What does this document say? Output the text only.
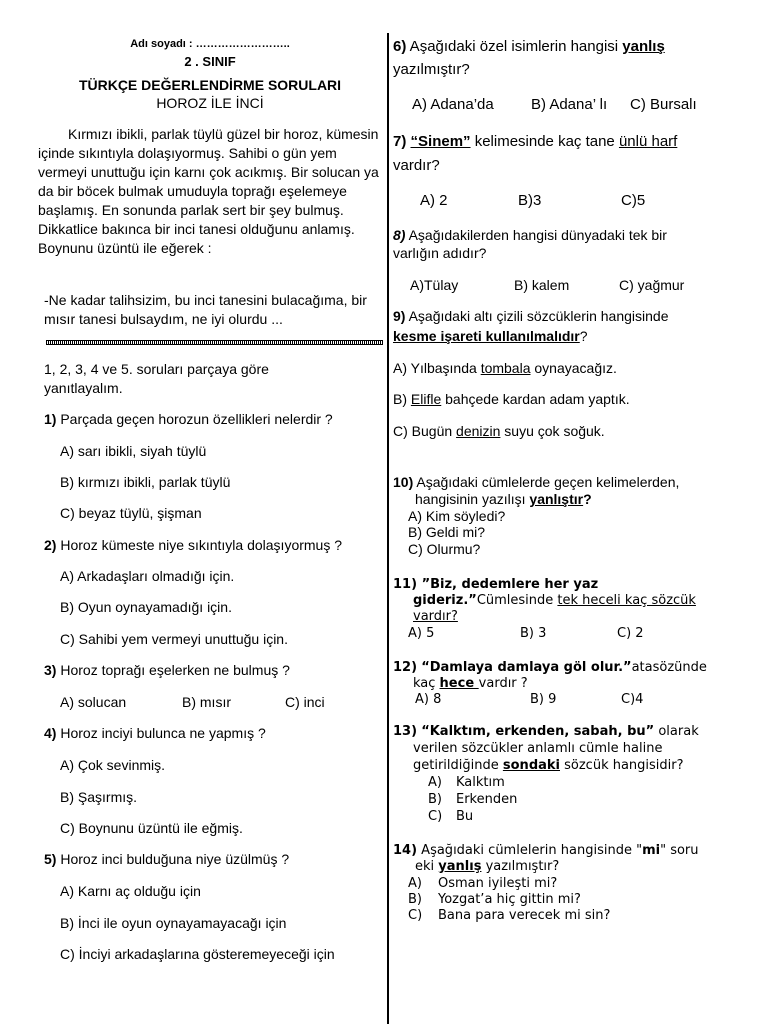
Adı soyadı : ……………………..
2 . SINIF
TÜRKÇE DEĞERLENDİRME SORULARI
HOROZ İLE İNCİ
Kırmızı ibikli, parlak tüylü güzel bir horoz, kümesin içinde sıkıntıyla dolaşıyormuş. Sahibi o gün yem vermeyi unuttuğu için karnı çok acıkmış. Bir solucan ya da bir böcek bulmak umuduyla toprağı eşelemeye başlamış. En sonunda parlak sert bir şey bulmuş. Dikkatlice bakınca bir inci tanesi olduğunu anlamış. Boynunu üzüntü ile eğerek :
-Ne kadar talihsizim, bu inci tanesini bulacağıma, bir mısır tanesi bulsaydım, ne iyi olurdu ...
1, 2, 3, 4 ve 5. soruları parçaya göre yanıtlayalım.
1) Parçada geçen horozun özellikleri nelerdir ?
A) sarı ibikli, siyah tüylü
B) kırmızı ibikli, parlak tüylü
C) beyaz tüylü, şişman
2) Horoz kümeste niye sıkıntıyla dolaşıyormuş ?
A) Arkadaşları olmadığı için.
B) Oyun oynayamadığı için.
C) Sahibi yem vermeyi unuttuğu için.
3) Horoz toprağı eşelerken ne bulmuş ?
A) solucan	B) mısır	C) inci
4) Horoz inciyi bulunca ne yapmış ?
A) Çok sevinmiş.
B) Şaşırmış.
C) Boynunu üzüntü ile eğmiş.
5) Horoz inci bulduğuna niye üzülmüş ?
A) Karnı aç olduğu için
B) İnci ile oyun oynayamayacağı için
C) İnciyi arkadaşlarına gösteremeyeceği için
6) Aşağıdaki özel isimlerin hangisi yanlış
yazılmıştır?
A) Adana’da B) Adana’ lı C) Bursalı
7) “Sinem” kelimesinde kaç tane ünlü harf
vardır?
A) 2	B)3	C)5
8) Aşağıdakilerden hangisi dünyadaki tek bir
varlığın adıdır?
A)Tülay	B) kalem	C) yağmur
9) Aşağıdaki altı çizili sözcüklerin hangisinde
kesme işareti kullanılmalıdır?
A) Yılbaşında tombala oynayacağız.
B) Elifle bahçede kardan adam yaptık.
C) Bugün denizin suyu çok soğuk.
10) Aşağıdaki cümlelerde geçen kelimelerden,
hangisinin yazılışı yanlıştır?
A) Kim söyledi?
B) Geldi mi?
C) Olurmu?
11) ”Biz, dedemlere her yaz
gideriz.”Cümlesinde tek heceli kaç sözcük
vardır?
A) 5	B) 3	C) 2
12) “Damlaya damlaya göl olur.”atasözünde
kaç hece vardır ?
A) 8	B) 9	C)4
13) “Kalktım, erkenden, sabah, bu” olarak
verilen sözcükler anlamlı cümle haline
getirildiğinde sondaki sözcük hangisidir?
A) Kalktım
B) Erkenden
C) Bu
14) Aşağıdaki cümlelerin hangisinde "mi" soru
eki yanlış yazılmıştır?
A) Osman iyileşti mi?
B) Yozgat’a hiç gittin mi?
C) Bana para verecek mi sin?
